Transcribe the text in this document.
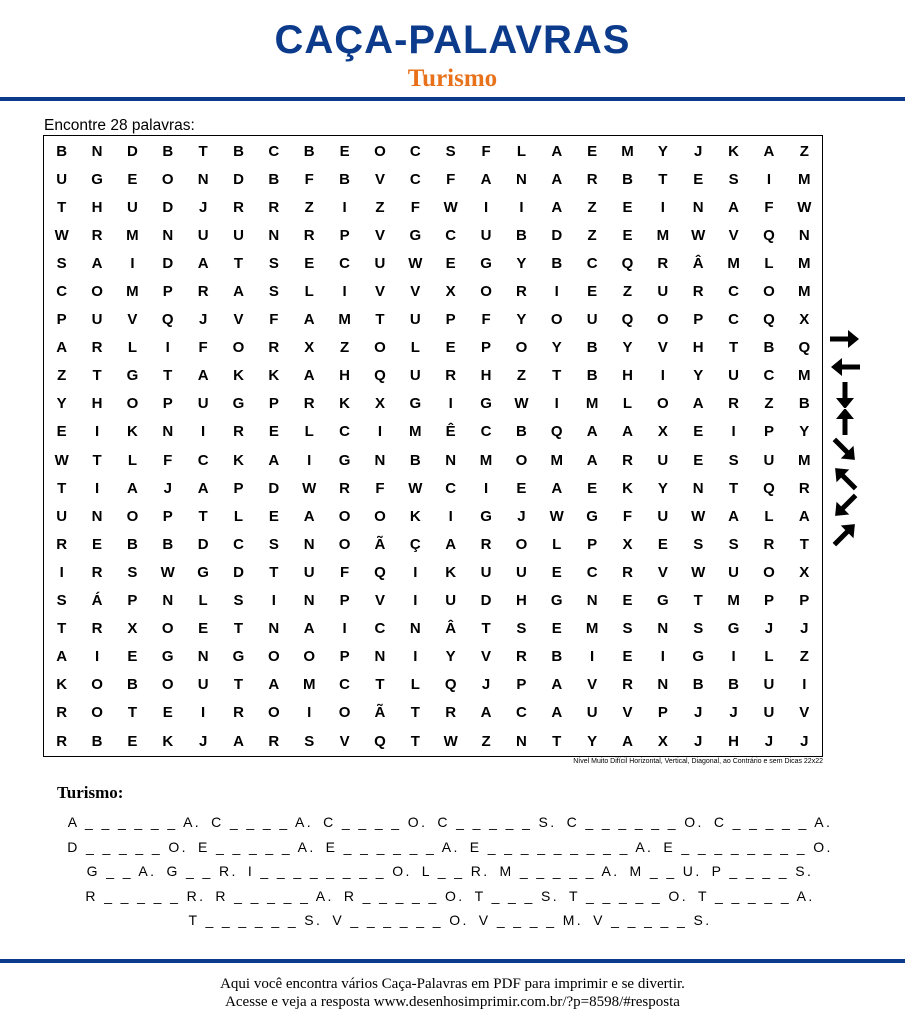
CAÇA-PALAVRAS
Turismo
Encontre 28 palavras:
B	N	D	B	T	B	C	B	E	O	C	S	F	L	A	E	M	Y	J	K	A	Z
U	G	E	O	N	D	B	F	B	V	C	F	A	N	A	R	B	T	E	S	I	M
T	H	U	D	J	R	R	Z	I	Z	F	W	I	I	A	Z	E	I	N	A	F	W
W	R	M	N	U	U	N	R	P	V	G	C	U	B	D	Z	E	M	W	V	Q	N
S	A	I	D	A	T	S	E	C	U	W	E	G	Y	B	C	Q	R	Â	M	L	M
C	O	M	P	R	A	S	L	I	V	V	X	O	R	I	E	Z	U	R	C	O	M
P	U	V	Q	J	V	F	A	M	T	U	P	F	Y	O	U	Q	O	P	C	Q	X
A	R	L	I	F	O	R	X	Z	O	L	E	P	O	Y	B	Y	V	H	T	B	Q
Z	T	G	T	A	K	K	A	H	Q	U	R	H	Z	T	B	H	I	Y	U	C	M
Y	H	O	P	U	G	P	R	K	X	G	I	G	W	I	M	L	O	A	R	Z	B
E	I	K	N	I	R	E	L	C	I	M	Ê	C	B	Q	A	A	X	E	I	P	Y
W	T	L	F	C	K	A	I	G	N	B	N	M	O	M	A	R	U	E	S	U	M
T	I	A	J	A	P	D	W	R	F	W	C	I	E	A	E	K	Y	N	T	Q	R
U	N	O	P	T	L	E	A	O	O	K	I	G	J	W	G	F	U	W	A	L	A
R	E	B	B	D	C	S	N	O	Ã	Ç	A	R	O	L	P	X	E	S	S	R	T
I	R	S	W	G	D	T	U	F	Q	I	K	U	U	E	C	R	V	W	U	O	X
S	Á	P	N	L	S	I	N	P	V	I	U	D	H	G	N	E	G	T	M	P	P
T	R	X	O	E	T	N	A	I	C	N	Â	T	S	E	M	S	N	S	G	J	J
A	I	E	G	N	G	O	O	P	N	I	Y	V	R	B	I	E	I	G	I	L	Z
K	O	B	O	U	T	A	M	C	T	L	Q	J	P	A	V	R	N	B	B	U	I
R	O	T	E	I	R	O	I	O	Ã	T	R	A	C	A	U	V	P	J	J	U	V
R	B	E	K	J	A	R	S	V	Q	T	W	Z	N	T	Y	A	X	J	H	J	J
Nível Muito Difícil Horizontal, Vertical, Diagonal, ao Contrário e sem Dicas 22x22
Turismo:
A _ _ _ _ _ _ A. C _ _ _ _ A. C _ _ _ _ O. C _ _ _ _ _ S. C _ _ _ _ _ _ O. C _ _ _ _ _ A.
D _ _ _ _ _ O. E _ _ _ _ _ A. E _ _ _ _ _ _ A. E _ _ _ _ _ _ _ _ _ A. E _ _ _ _ _ _ _ _ O.
G _ _ A. G _ _ R. I _ _ _ _ _ _ _ _ O. L _ _ R. M _ _ _ _ _ A. M _ _ U. P _ _ _ _ S.
R _ _ _ _ _ R. R _ _ _ _ _ A. R _ _ _ _ _ O. T _ _ _ S. T _ _ _ _ _ O. T _ _ _ _ _ A.
T _ _ _ _ _ _ S. V _ _ _ _ _ _ O. V _ _ _ _ M. V _ _ _ _ _ S.
Aqui você encontra vários Caça-Palavras em PDF para imprimir e se divertir.
Acesse e veja a resposta www.desenhosimprimir.com.br/?p=8598/#resposta
